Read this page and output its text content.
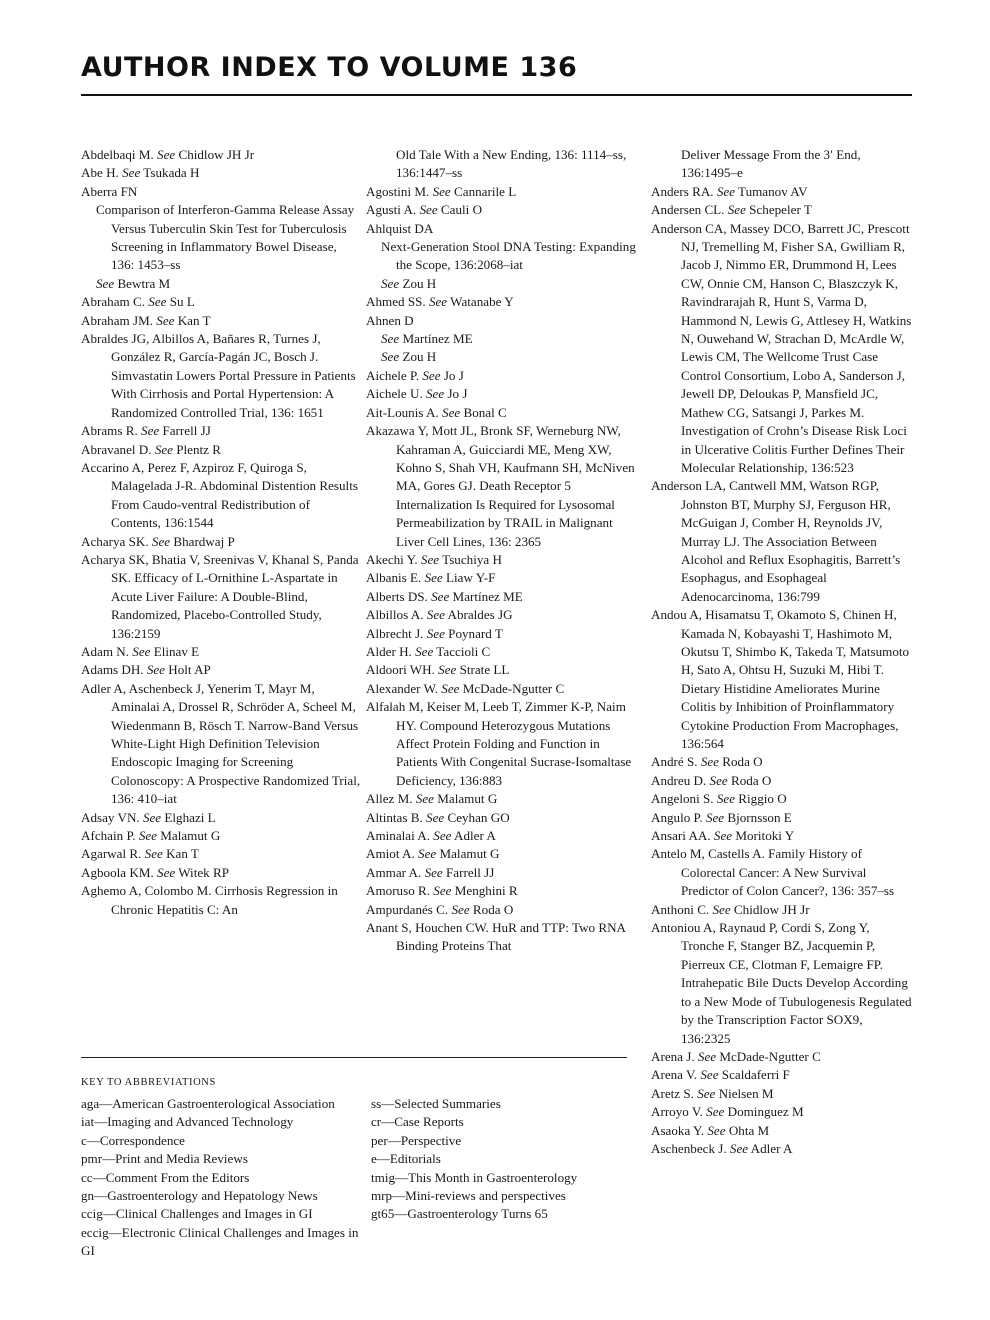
AUTHOR INDEX TO VOLUME 136
Abdelbaqi M. See Chidlow JH Jr
Abe H. See Tsukada H
Aberra FN
Comparison of Interferon-Gamma Release Assay Versus Tuberculin Skin Test for Tuberculosis Screening in Inflammatory Bowel Disease, 136: 1453–ss
See Bewtra M
Abraham C. See Su L
Abraham JM. See Kan T
Abraldes JG, Albillos A, Bañares R, Turnes J, González R, García-Pagán JC, Bosch J. Simvastatin Lowers Portal Pressure in Patients With Cirrhosis and Portal Hypertension: A Randomized Controlled Trial, 136: 1651
Abrams R. See Farrell JJ
Abravanel D. See Plentz R
Accarino A, Perez F, Azpiroz F, Quiroga S, Malagelada J-R. Abdominal Distention Results From Caudo-ventral Redistribution of Contents, 136:1544
Acharya SK. See Bhardwaj P
Acharya SK, Bhatia V, Sreenivas V, Khanal S, Panda SK. Efficacy of L-Ornithine L-Aspartate in Acute Liver Failure: A Double-Blind, Randomized, Placebo-Controlled Study, 136:2159
Adam N. See Elinav E
Adams DH. See Holt AP
Adler A, Aschenbeck J, Yenerim T, Mayr M, Aminalai A, Drossel R, Schröder A, Scheel M, Wiedenmann B, Rösch T. Narrow-Band Versus White-Light High Definition Television Endoscopic Imaging for Screening Colonoscopy: A Prospective Randomized Trial, 136: 410–iat
Adsay VN. See Elghazi L
Afchain P. See Malamut G
Agarwal R. See Kan T
Agboola KM. See Witek RP
Aghemo A, Colombo M. Cirrhosis Regression in Chronic Hepatitis C: An
Old Tale With a New Ending, 136: 1114–ss, 136:1447–ss
Agostini M. See Cannarile L
Agusti A. See Cauli O
Ahlquist DA
Next-Generation Stool DNA Testing: Expanding the Scope, 136:2068–iat
See Zou H
Ahmed SS. See Watanabe Y
Ahnen D
See Martínez ME
See Zou H
Aichele P. See Jo J
Aichele U. See Jo J
Ait-Lounis A. See Bonal C
Akazawa Y, Mott JL, Bronk SF, Werneburg NW, Kahraman A, Guicciardi ME, Meng XW, Kohno S, Shah VH, Kaufmann SH, McNiven MA, Gores GJ. Death Receptor 5 Internalization Is Required for Lysosomal Permeabilization by TRAIL in Malignant Liver Cell Lines, 136: 2365
Akechi Y. See Tsuchiya H
Albanis E. See Liaw Y-F
Alberts DS. See Martínez ME
Albillos A. See Abraldes JG
Albrecht J. See Poynard T
Alder H. See Taccioli C
Aldoori WH. See Strate LL
Alexander W. See McDade-Ngutter C
Alfalah M, Keiser M, Leeb T, Zimmer K-P, Naim HY. Compound Heterozygous Mutations Affect Protein Folding and Function in Patients With Congenital Sucrase-Isomaltase Deficiency, 136:883
Allez M. See Malamut G
Altintas B. See Ceyhan GO
Aminalai A. See Adler A
Amiot A. See Malamut G
Ammar A. See Farrell JJ
Amoruso R. See Menghini R
Ampurdanés C. See Roda O
Anant S, Houchen CW. HuR and TTP: Two RNA Binding Proteins That
Deliver Message From the 3′ End, 136:1495–e
Anders RA. See Tumanov AV
Andersen CL. See Schepeler T
Anderson CA, Massey DCO, Barrett JC, Prescott NJ, Tremelling M, Fisher SA, Gwilliam R, Jacob J, Nimmo ER, Drummond H, Lees CW, Onnie CM, Hanson C, Blaszczyk K, Ravindrarajah R, Hunt S, Varma D, Hammond N, Lewis G, Attlesey H, Watkins N, Ouwehand W, Strachan D, McArdle W, Lewis CM, The Wellcome Trust Case Control Consortium, Lobo A, Sanderson J, Jewell DP, Deloukas P, Mansfield JC, Mathew CG, Satsangi J, Parkes M. Investigation of Crohn’s Disease Risk Loci in Ulcerative Colitis Further Defines Their Molecular Relationship, 136:523
Anderson LA, Cantwell MM, Watson RGP, Johnston BT, Murphy SJ, Ferguson HR, McGuigan J, Comber H, Reynolds JV, Murray LJ. The Association Between Alcohol and Reflux Esophagitis, Barrett’s Esophagus, and Esophageal Adenocarcinoma, 136:799
Andou A, Hisamatsu T, Okamoto S, Chinen H, Kamada N, Kobayashi T, Hashimoto M, Okutsu T, Shimbo K, Takeda T, Matsumoto H, Sato A, Ohtsu H, Suzuki M, Hibi T. Dietary Histidine Ameliorates Murine Colitis by Inhibition of Proinflammatory Cytokine Production From Macrophages, 136:564
André S. See Roda O
Andreu D. See Roda O
Angeloni S. See Riggio O
Angulo P. See Bjornsson E
Ansari AA. See Moritoki Y
Antelo M, Castells A. Family History of Colorectal Cancer: A New Survival Predictor of Colon Cancer?, 136: 357–ss
Anthoni C. See Chidlow JH Jr
Antoniou A, Raynaud P, Cordi S, Zong Y, Tronche F, Stanger BZ, Jacquemin P, Pierreux CE, Clotman F, Lemaigre FP. Intrahepatic Bile Ducts Develop According to a New Mode of Tubulogenesis Regulated by the Transcription Factor SOX9, 136:2325
Arena J. See McDade-Ngutter C
Arena V. See Scaldaferri F
Aretz S. See Nielsen M
Arroyo V. See Dominguez M
Asaoka Y. See Ohta M
Aschenbeck J. See Adler A
KEY TO ABBREVIATIONS
aga—American Gastroenterological Association
iat—Imaging and Advanced Technology
c—Correspondence
pmr—Print and Media Reviews
cc—Comment From the Editors
gn—Gastroenterology and Hepatology News
ccig—Clinical Challenges and Images in GI
eccig—Electronic Clinical Challenges and Images in GI
ss—Selected Summaries
cr—Case Reports
per—Perspective
e—Editorials
tmig—This Month in Gastroenterology
mrp—Mini-reviews and perspectives
gt65—Gastroenterology Turns 65
